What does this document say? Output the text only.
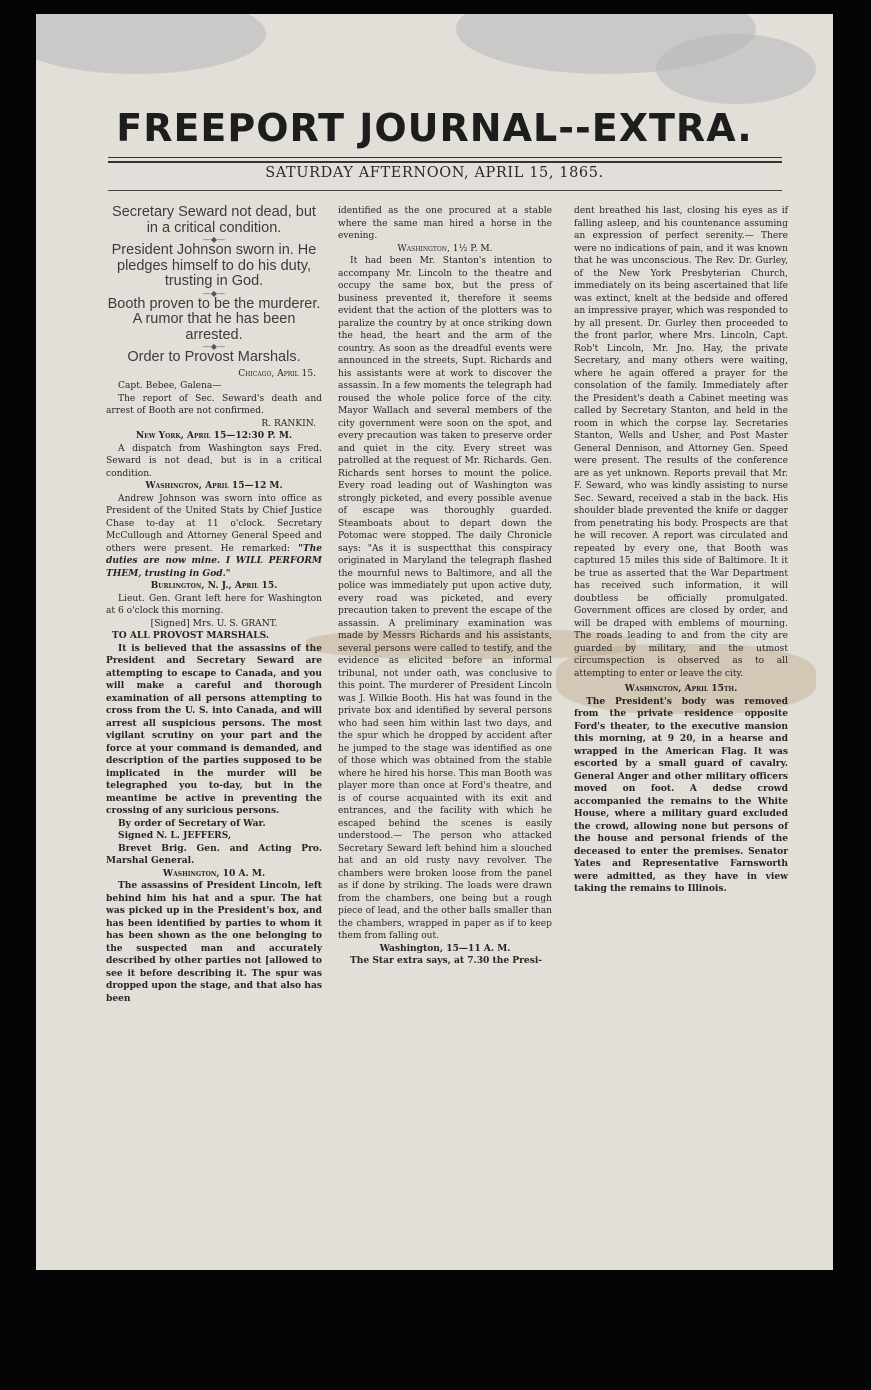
FREEPORT JOURNAL--EXTRA.
SATURDAY AFTERNOON, APRIL 15, 1865.

Secretary Seward not dead, but in a critical condition.

—◆—

President Johnson sworn in. He pledges himself to do his duty, trusting in God.

—◆—

Booth proven to be the murderer. A rumor that he has been arrested.

—◆—

Order to Provost Marshals.

Chicago, April 15.

Capt. Bebee, Galena—

The report of Sec. Seward's death and arrest of Booth are not confirmed.

R. RANKIN.

New York, April 15—12:30 P. M.

A dispatch from Washington says Fred. Seward is not dead, but is in a critical condition.

Washington, April 15—12 M.

Andrew Johnson was sworn into office as President of the United Stats by Chief Justice Chase to-day at 11 o'clock. Secretary McCullough and Attorney General Speed and others were present. He remarked: "The duties are now mine. I WILL PERFORM THEM, trusting in God."

Burlington, N. J., April 15.

Lieut. Gen. Grant left here for Washington at 6 o'clock this morning.

[Signed] Mrs. U. S. GRANT.

TO ALL PROVOST MARSHALS.

It is believed that the assassins of the President and Secretary Seward are attempting to escape to Canada, and you will make a careful and thorough examination of all persons attempting to cross from the U. S. into Canada, and will arrest all suspicious persons. The most vigilant scrutiny on your part and the force at your command is demanded, and description of the parties supposed to be implicated in the murder will be telegraphed you to-day, but in the meantime be active in preventing the crossing of any suricious persons.

By order of Secretary of War.

Signed N. L. JEFFERS,

Brevet Brig. Gen. and Acting Pro. Marshal General.

Washington, 10 A. M.

The assassins of President Lincoln, left behind him his hat and a spur. The hat was picked up in the President's box, and has been identified by parties to whom it has been shown as the one belonging to the suspected man and accurately described by other parties not [allowed to see it before describing it. The spur was dropped upon the stage, and that also has been

identified as the one procured at a stable where the same man hired a horse in the evening.

Washington, 1½ P. M.

It had been Mr. Stanton's intention to accompany Mr. Lincoln to the theatre and occupy the same box, but the press of business prevented it, therefore it seems evident that the action of the plotters was to paralize the country by at once striking down the head, the heart and the arm of the country. As soon as the dreadful events were announced in the streets, Supt. Richards and his assistants were at work to discover the assassin. In a few moments the telegraph had roused the whole police force of the city. Mayor Wallach and several members of the city government were soon on the spot, and every precaution was taken to preserve order and quiet in the city. Every street was patrolled at the request of Mr. Richards. Gen. Richards sent horses to mount the police. Every road leading out of Washington was strongly picketed, and every possible avenue of escape was thoroughly guarded. Steamboats about to depart down the Potomac were stopped. The daily Chronicle says: "As it is suspectthat this conspiracy originated in Maryland the telegraph flashed the mournful news to Baltimore, and all the police was immediately put upon active duty, every road was picketed, and every precaution taken to prevent the escape of the assassin. A preliminary examination was made by Messrs Richards and his assistants, several persons were called to testify, and the evidence as elicited before an informal tribunal, not under oath, was conclusive to this point. The murderer of President Lincoln was J. Wilkie Booth. His hat was found in the private box and identified by several persons who had seen him within last two days, and the spur which he dropped by accident after he jumped to the stage was identified as one of those which was obtained from the stable where he hired his horse. This man Booth was player more than once at Ford's theatre, and is of course acquainted with its exit and entrances, and the facility with which he escaped behind the scenes is easily understood.— The person who attacked Secretary Seward left behind him a slouched hat and an old rusty navy revolver. The chambers were broken loose from the panel as if done by striking. The loads were drawn from the chambers, one being but a rough piece of lead, and the other balls smaller than the chambers, wrapped in paper as if to keep them from falling out.

Washington, 15—11 A. M.

The Star extra says, at 7.30 the Presi-

dent breathed his last, closing his eyes as if falling asleep, and his countenance assuming an expression of perfect serenity.— There were no indications of pain, and it was known that he was unconscious. The Rev. Dr. Gurley, of the New York Presbyterian Church, immediately on its being ascertained that life was extinct, knelt at the bedside and offered an impressive prayer, which was responded to by all present. Dr. Gurley then proceeded to the front parlor, where Mrs. Lincoln, Capt. Rob't Lincoln, Mr. Jno. Hay, the private Secretary, and many others were waiting, where he again offered a prayer for the consolation of the family. Immediately after the President's death a Cabinet meeting was called by Secretary Stanton, and held in the room in which the corpse lay. Secretaries Stanton, Wells and Usher, and Post Master General Dennison, and Attorney Gen. Speed were present. The results of the conference are as yet unknown. Reports prevail that Mr. F. Seward, who was kindly assisting to nurse Sec. Seward, received a stab in the back. His shoulder blade prevented the knife or dagger from penetrating his body. Prospects are that he will recover. A report was circulated and repeated by every one, that Booth was captured 15 miles this side of Baltimore. It it be true as asserted that the War Department has received such information, it will doubtless be officially promulgated. Government offices are closed by order, and will be draped with emblems of mourning. The roads leading to and from the city are guarded by military, and the utmost circumspection is observed as to all attempting to enter or leave the city.

Washington, April 15th.

The President's body was removed from the private residence opposite Ford's theater, to the executive mansion this morning, at 9 20, in a hearse and wrapped in the American Flag. It was escorted by a small guard of cavalry. General Anger and other military officers moved on foot. A dedse crowd accompanied the remains to the White House, where a military guard excluded the crowd, allowing none but persons of the house and personal friends of the deceased to enter the premises. Senator Yates and Representative Farnsworth were admitted, as they have in view taking the remains to Illinois.
